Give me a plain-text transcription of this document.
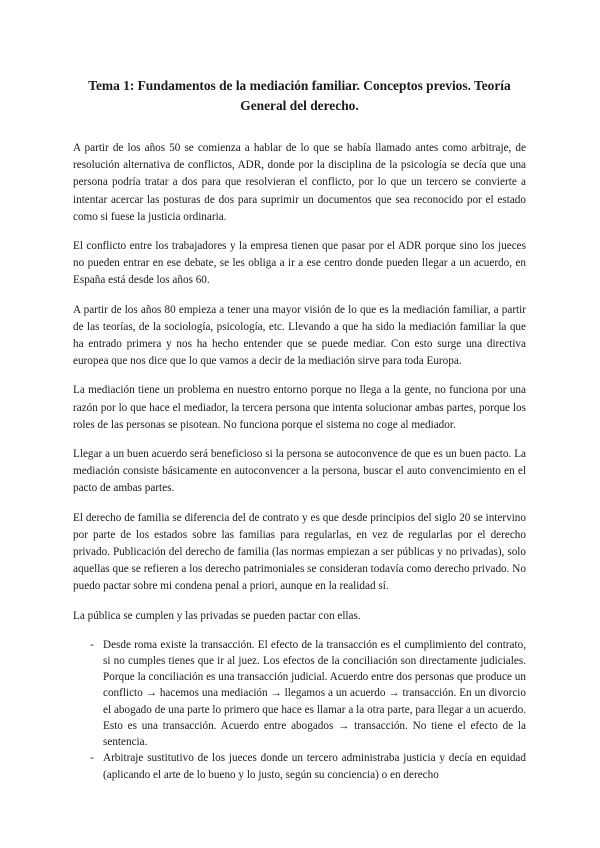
Tema 1: Fundamentos de la mediación familiar. Conceptos previos. Teoría General del derecho.

A partir de los años 50 se comienza a hablar de lo que se había llamado antes como arbitraje, de resolución alternativa de conflictos, ADR, donde por la disciplina de la psicología se decía que una persona podría tratar a dos para que resolvieran el conflicto, por lo que un tercero se convierte a intentar acercar las posturas de dos para suprimir un documentos que sea reconocido por el estado como si fuese la justicia ordinaria.

El conflicto entre los trabajadores y la empresa tienen que pasar por el ADR porque sino los jueces no pueden entrar en ese debate, se les obliga a ir a ese centro donde pueden llegar a un acuerdo, en España está desde los años 60.

A partir de los años 80 empieza a tener una mayor visión de lo que es la mediación familiar, a partir de las teorías, de la sociología, psicología, etc. Llevando a que ha sido la mediación familiar la que ha entrado primera y nos ha hecho entender que se puede mediar. Con esto surge una directiva europea que nos dice que lo que vamos a decir de la mediación sirve para toda Europa.

La mediación tiene un problema en nuestro entorno porque no llega a la gente, no funciona por una razón por lo que hace el mediador, la tercera persona que intenta solucionar ambas partes, porque los roles de las personas se pisotean. No funciona porque el sistema no coge al mediador.

Llegar a un buen acuerdo será beneficioso si la persona se autoconvence de que es un buen pacto. La mediación consiste básicamente en autoconvencer a la persona, buscar el auto convencimiento en el pacto de ambas partes.

El derecho de familia se diferencia del de contrato y es que desde principios del siglo 20 se intervino por parte de los estados sobre las familias para regularlas, en vez de regularlas por el derecho privado. Publicación del derecho de familia (las normas empiezan a ser públicas y no privadas), solo aquellas que se refieren a los derecho patrimoniales se consideran todavía como derecho privado. No puedo pactar sobre mi condena penal a priori, aunque en la realidad sí.

La pública se cumplen y las privadas se pueden pactar con ellas.

- Desde roma existe la transacción. El efecto de la transacción es el cumplimiento del contrato, si no cumples tienes que ir al juez. Los efectos de la conciliación son directamente judiciales. Porque la conciliación es una transacción judicial. Acuerdo entre dos personas que produce un conflicto → hacemos una mediación → llegamos a un acuerdo → transacción. En un divorcio el abogado de una parte lo primero que hace es llamar a la otra parte, para llegar a un acuerdo. Esto es una transacción. Acuerdo entre abogados → transacción. No tiene el efecto de la sentencia.
- Arbitraje sustitutivo de los jueces donde un tercero administraba justicia y decía en equidad (aplicando el arte de lo bueno y lo justo, según su conciencia) o en derecho
